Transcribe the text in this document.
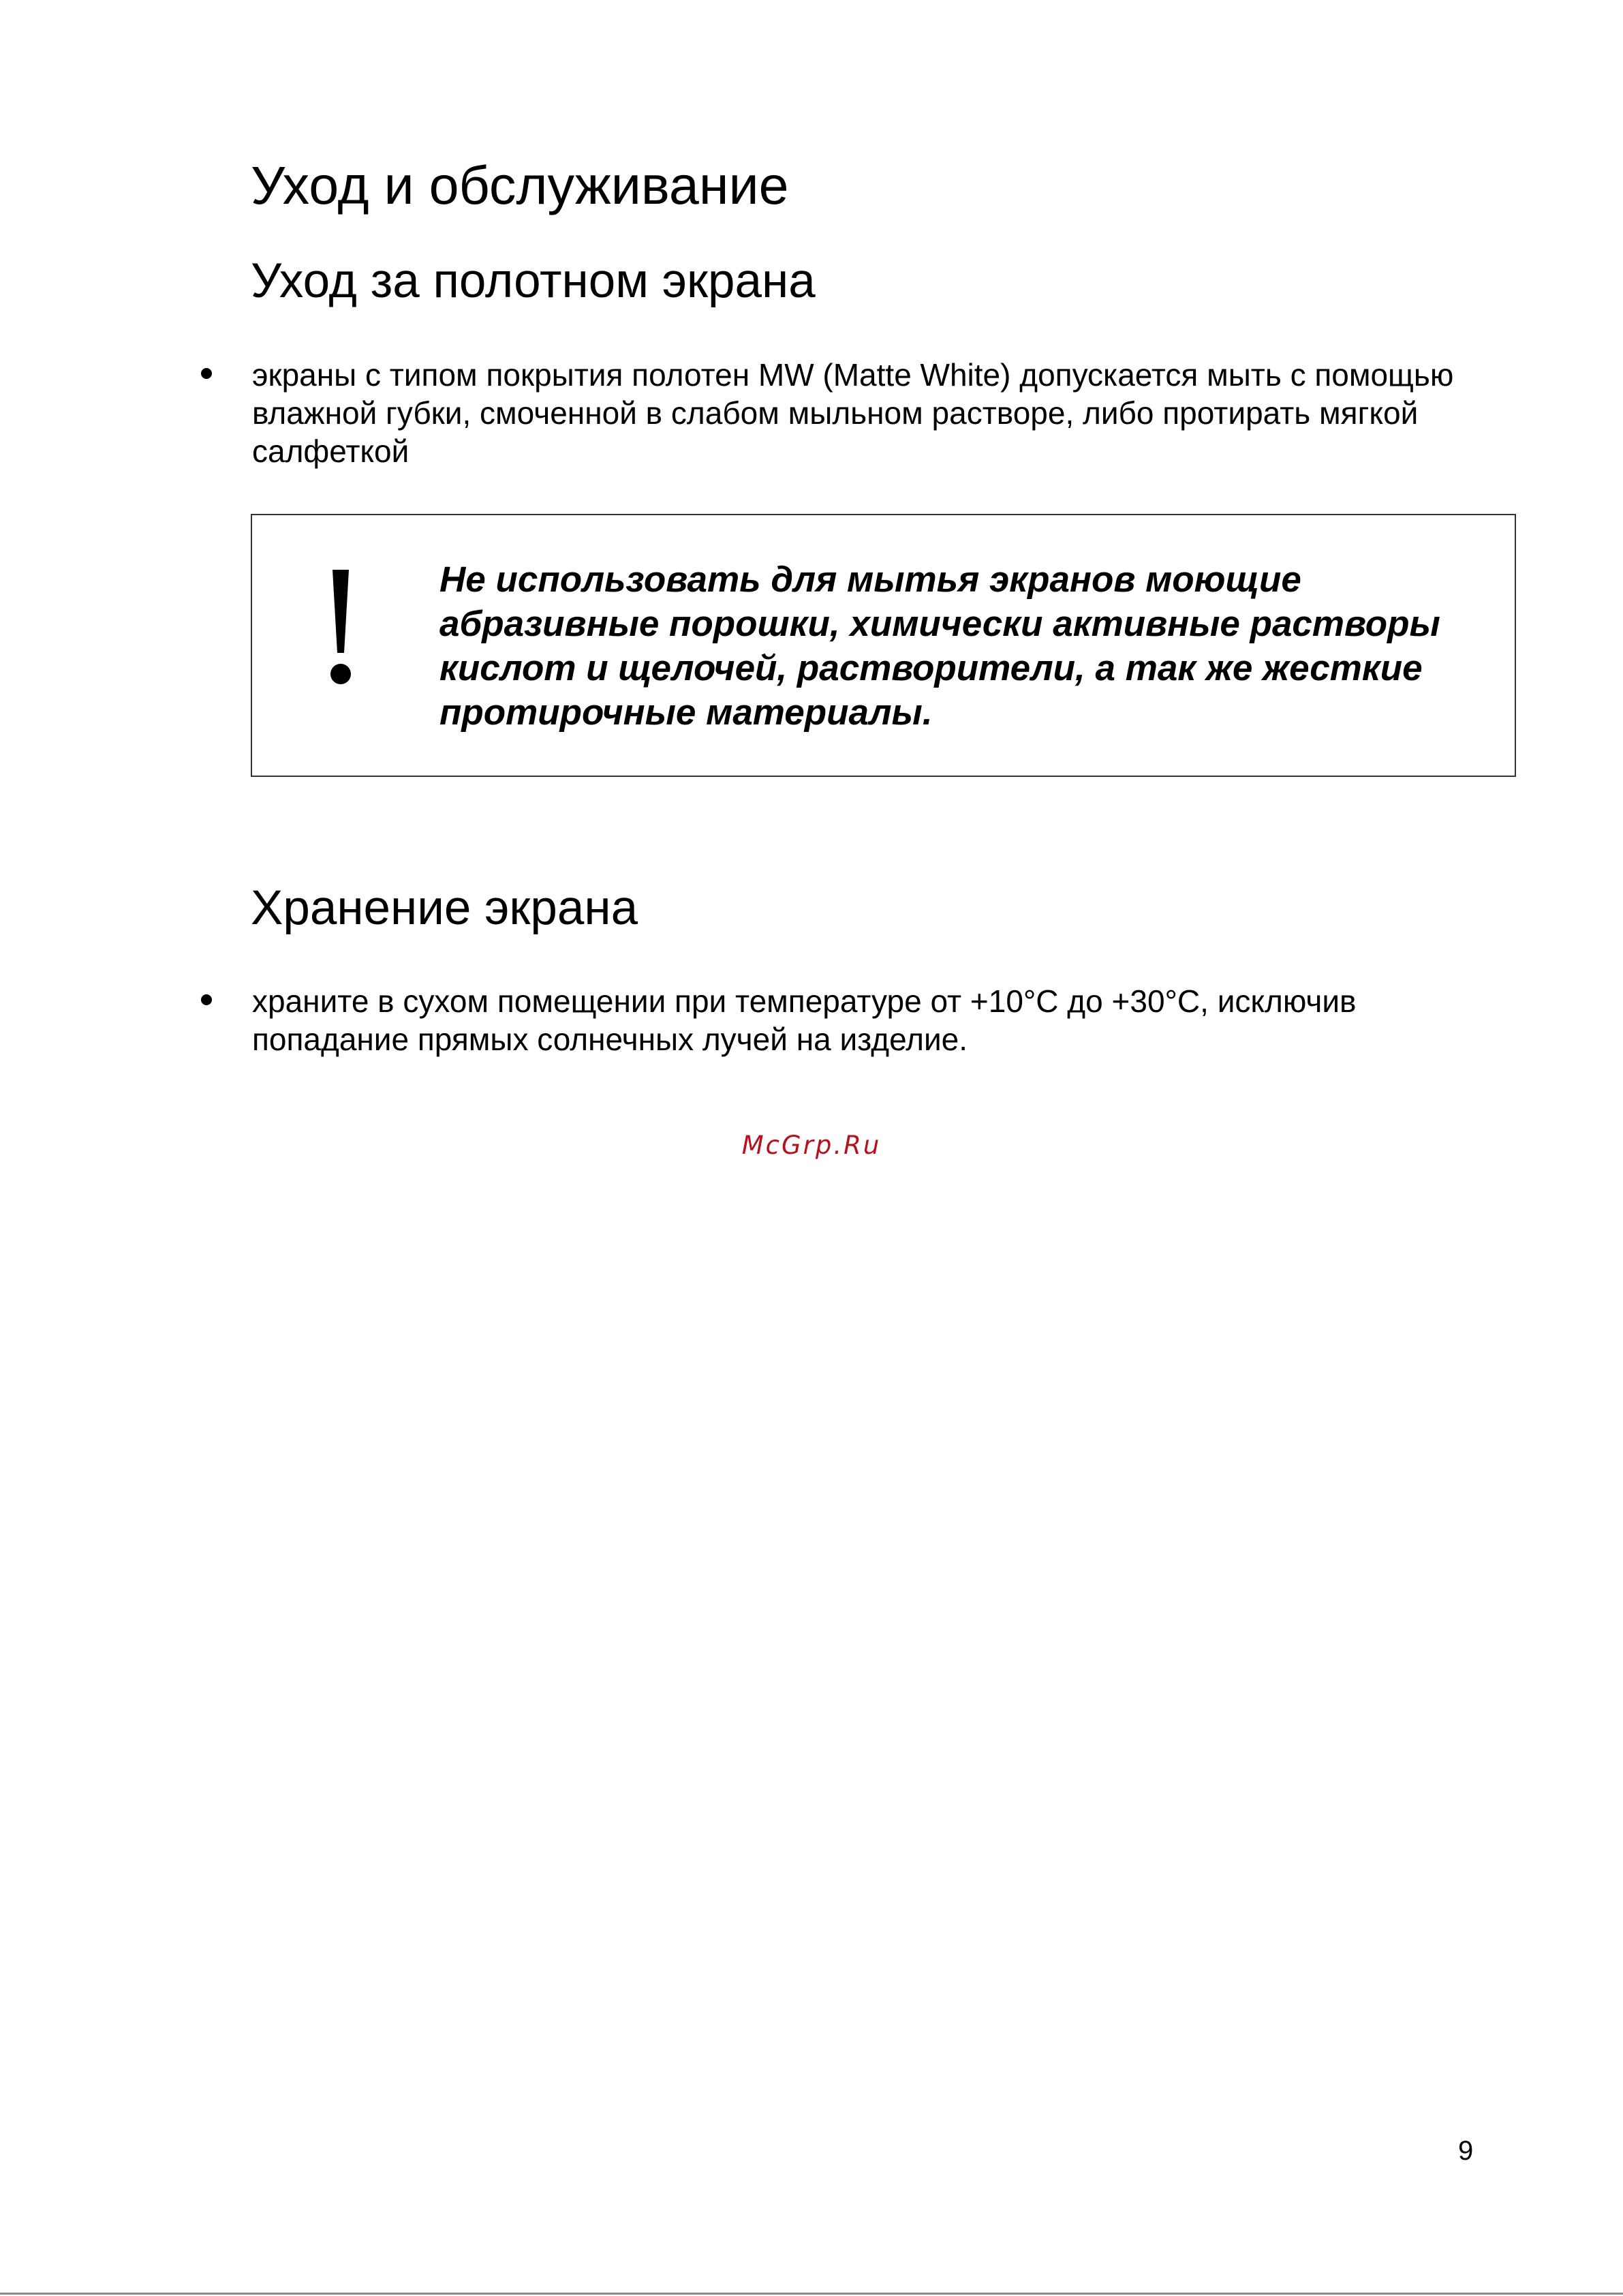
Уход и обслуживание
Уход за полотном экрана
экраны с типом покрытия полотен MW (Matte White) допускается мыть с помощью влажной губки, смоченной в слабом мыльном растворе, либо протирать мягкой салфеткой
Не использовать для мытья экранов моющие абразивные порошки, химически активные растворы кислот и щелочей, растворители, а так же жесткие протирочные материалы.
Хранение экрана
храните в сухом помещении при температуре от +10°С до +30°С, исключив попадание прямых солнечных лучей на изделие.
McGrp.Ru
9
